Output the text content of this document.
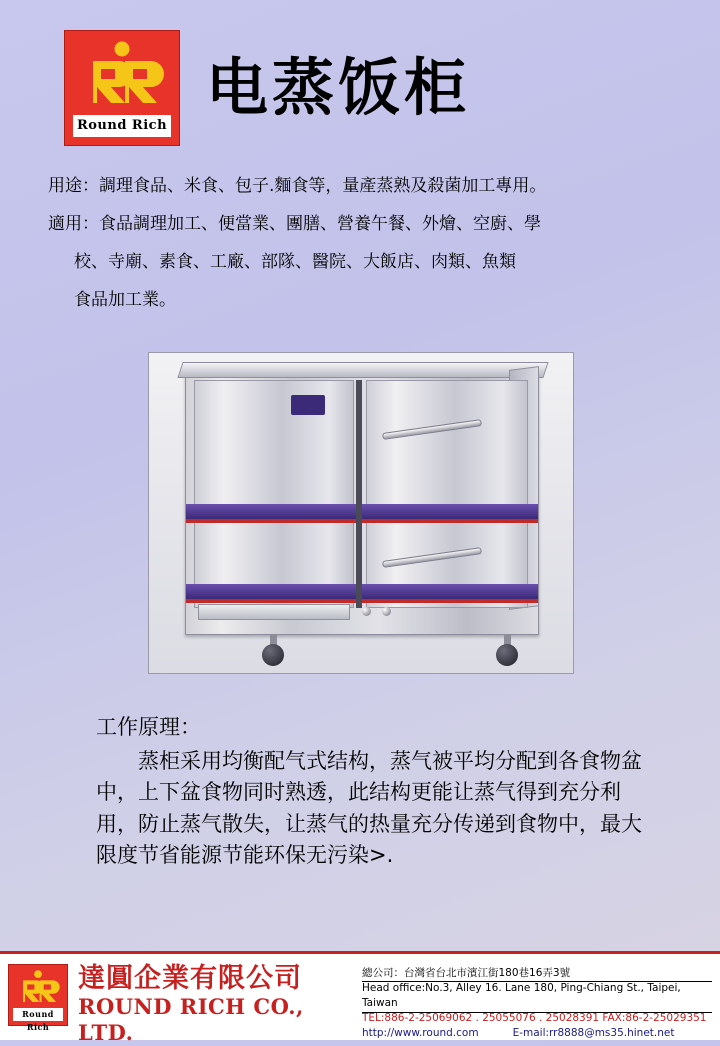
Round Rich
电蒸饭柜

用途：調理食品、米食、包子.麵食等，量產蒸熟及殺菌加工專用。

適用：食品調理加工、便當業、團膳、營養午餐、外燴、空廚、學

校、寺廟、素食、工廠、部隊、醫院、大飯店、肉類、魚類

食品加工業。

工作原理：

蒸柜采用均衡配气式结构，蒸气被平均分配到各食物盆中，上下盆食物同时熟透，此结构更能让蒸气得到充分利用，防止蒸气散失，让蒸气的热量充分传递到食物中，最大限度节省能源节能环保无污染>.

Round Rich
達圓企業有限公司
ROUND RICH CO., LTD.
總公司：台灣省台北市濱江街180巷16弄3號
Head office:No.3, Alley 16. Lane 180, Ping-Chiang St., Taipei, Taiwan
TEL:886-2-25069062 . 25055076 . 25028391 FAX:86-2-25029351
http://www.round.com	E-mail:rr8888@ms35.hinet.net
